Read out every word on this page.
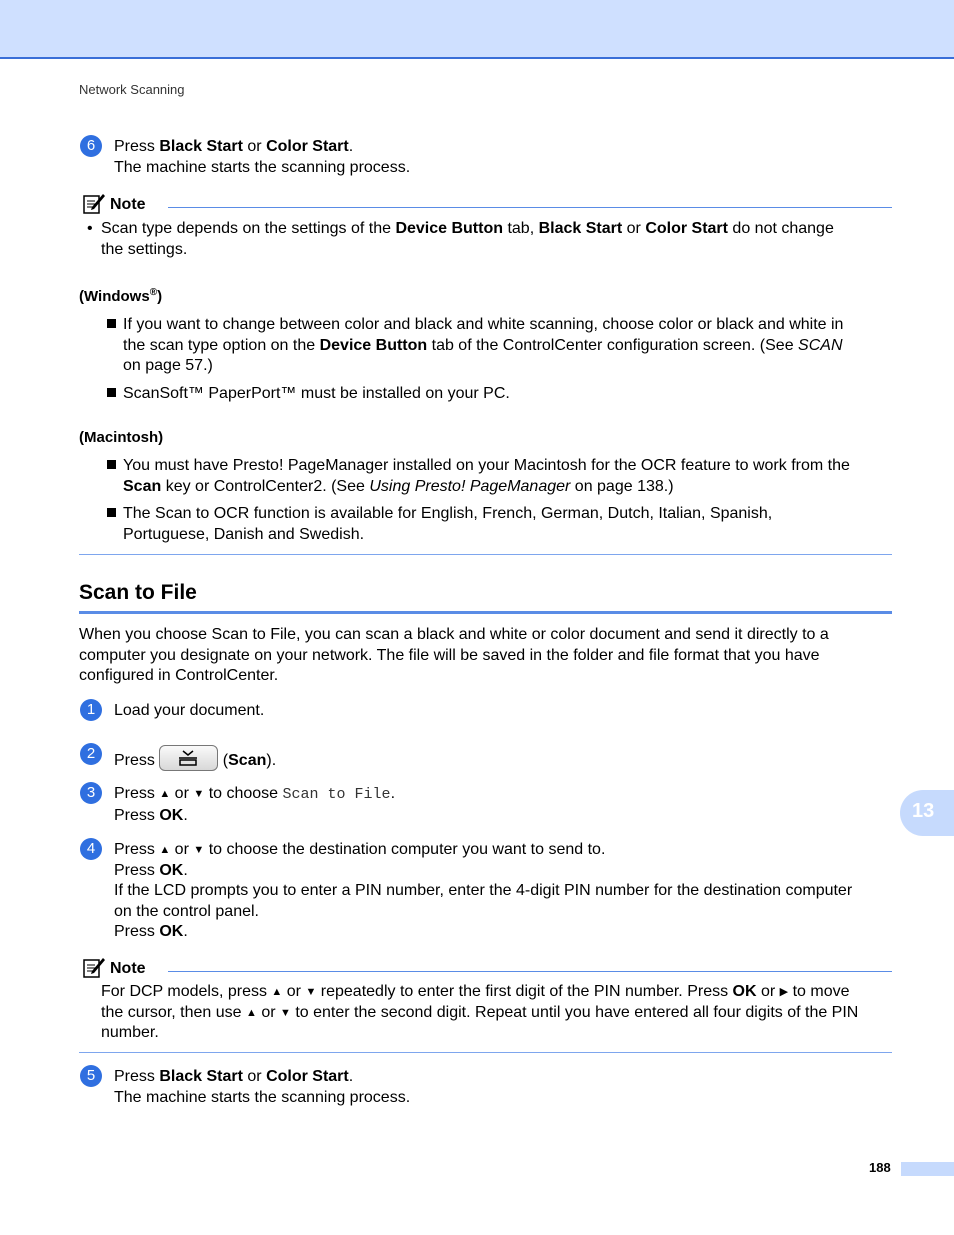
Network Scanning
6	Press Black Start or Color Start.
The machine starts the scanning process.
Note
• Scan type depends on the settings of the Device Button tab, Black Start or Color Start do not change
the settings.
(Windows®)
If you want to change between color and black and white scanning, choose color or black and white in
the scan type option on the Device Button tab of the ControlCenter configuration screen. (See SCAN
on page 57.)
ScanSoft™ PaperPort™ must be installed on your PC.
(Macintosh)
You must have Presto! PageManager installed on your Macintosh for the OCR feature to work from the
Scan key or ControlCenter2. (See Using Presto! PageManager on page 138.)
The Scan to OCR function is available for English, French, German, Dutch, Italian, Spanish,
Portuguese, Danish and Swedish.
Scan to File
When you choose Scan to File, you can scan a black and white or color document and send it directly to a
computer you designate on your network. The file will be saved in the folder and file format that you have
configured in ControlCenter.
1	Load your document.
2	Press	(Scan).
3	Press ▲ or ▼ to choose Scan to File.
Press OK.
4	Press ▲ or ▼ to choose the destination computer you want to send to.
Press OK.
If the LCD prompts you to enter a PIN number, enter the 4-digit PIN number for the destination computer
on the control panel.
Press OK.
13
Note
For DCP models, press ▲ or ▼ repeatedly to enter the first digit of the PIN number. Press OK or ▶ to move
the cursor, then use ▲ or ▼ to enter the second digit. Repeat until you have entered all four digits of the PIN
number.
5	Press Black Start or Color Start.
The machine starts the scanning process.
188
